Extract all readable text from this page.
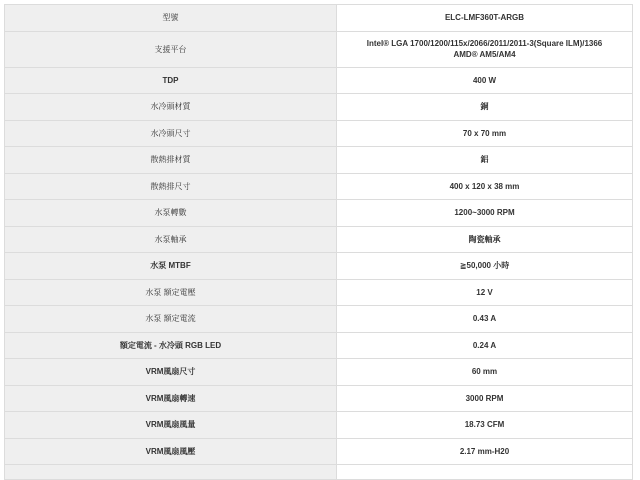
型號	ELC-LMF360T-ARGB
支援平台	Intel® LGA 1700/1200/115x/2066/2011/2011-3(Square ILM)/1366
AMD® AM5/AM4

TDP	400 W
水冷頭材質	銅
水冷頭尺寸	70 x 70 mm
散熱排材質	鋁
散熱排尺寸	400 x 120 x 38 mm
水泵轉數	1200~3000 RPM
水泵軸承	陶瓷軸承
水泵 MTBF	≧50,000 小時
水泵 額定電壓	12 V
水泵 額定電流	0.43 A
額定電流 - 水冷頭 RGB LED	0.24 A
VRM風扇尺寸	60 mm
VRM風扇轉速	3000 RPM
VRM風扇風量	18.73 CFM
VRM風扇風壓	2.17 mm-H20
